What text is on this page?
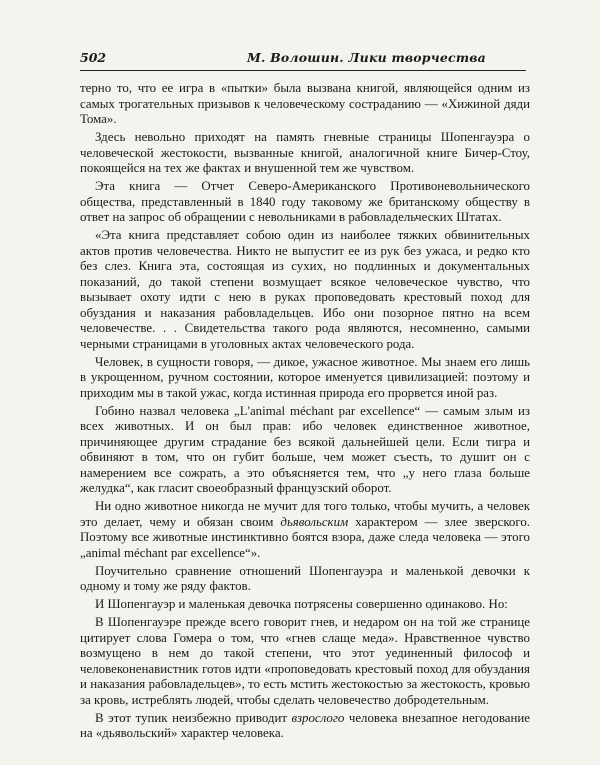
502	М. Волошин. Лики творчества

терно то, что ее игра в «пытки» была вызвана книгой, являющейся одним из самых трогательных призывов к человеческому состраданию — «Хижиной дяди Тома».

Здесь невольно приходят на память гневные страницы Шопенгауэра о человеческой жестокости, вызванные книгой, аналогичной книге Бичер-Стоу, покоящейся на тех же фактах и внушенной тем же чувством.

Эта книга — Отчет Северо-Американского Противоневольнического общества, представленный в 1840 году таковому же британскому обществу в ответ на запрос об обращении с невольниками в рабовладельческих Штатах.

«Эта книга представляет собою один из наиболее тяжких обвинительных актов против человечества. Никто не выпустит ее из рук без ужаса, и редко кто без слез. Книга эта, состоящая из сухих, но подлинных и документальных показаний, до такой степени возмущает всякое человеческое чувство, что вызывает охоту идти с нею в руках проповедовать крестовый поход для обуздания и наказания рабовладельцев. Ибо они позорное пятно на всем человечестве. . . Свидетельства такого рода являются, несомненно, самыми черными страницами в уголовных актах человеческого рода.

Человек, в сущности говоря, — дикое, ужасное животное. Мы знаем его лишь в укрощенном, ручном состоянии, которое именуется цивилизацией: поэтому и приходим мы в такой ужас, когда истинная природа его прорвется иной раз.

Гобино назвал человека „L'animal méchant par excellence“ — самым злым из всех животных. И он был прав: ибо человек единственное животное, причиняющее другим страдание без всякой дальнейшей цели. Если тигра и обвиняют в том, что он губит больше, чем может съесть, то душит он с намерением все сожрать, а это объясняется тем, что „у него глаза больше желудка“, как гласит своеобразный французский оборот.

Ни одно животное никогда не мучит для того только, чтобы мучить, а человек это делает, чему и обязан своим дьявольским характером — злее зверского. Поэтому все животные инстинктивно боятся взора, даже следа человека — этого „animal méchant par excellence“».

Поучительно сравнение отношений Шопенгауэра и маленькой девочки к одному и тому же ряду фактов.

И Шопенгауэр и маленькая девочка потрясены совершенно одинаково. Но:

В Шопенгауэре прежде всего говорит гнев, и недаром он на той же странице цитирует слова Гомера о том, что «гнев слаще меда». Нравственное чувство возмущено в нем до такой степени, что этот уединенный философ и человеконенавистник готов идти «проповедовать крестовый поход для обуздания и наказания рабовладельцев», то есть мстить жестокостью за жестокость, кровью за кровь, истреблять людей, чтобы сделать человечество добродетельным.

В этот тупик неизбежно приводит взрослого человека внезапное негодование на «дьявольский» характер человека.
